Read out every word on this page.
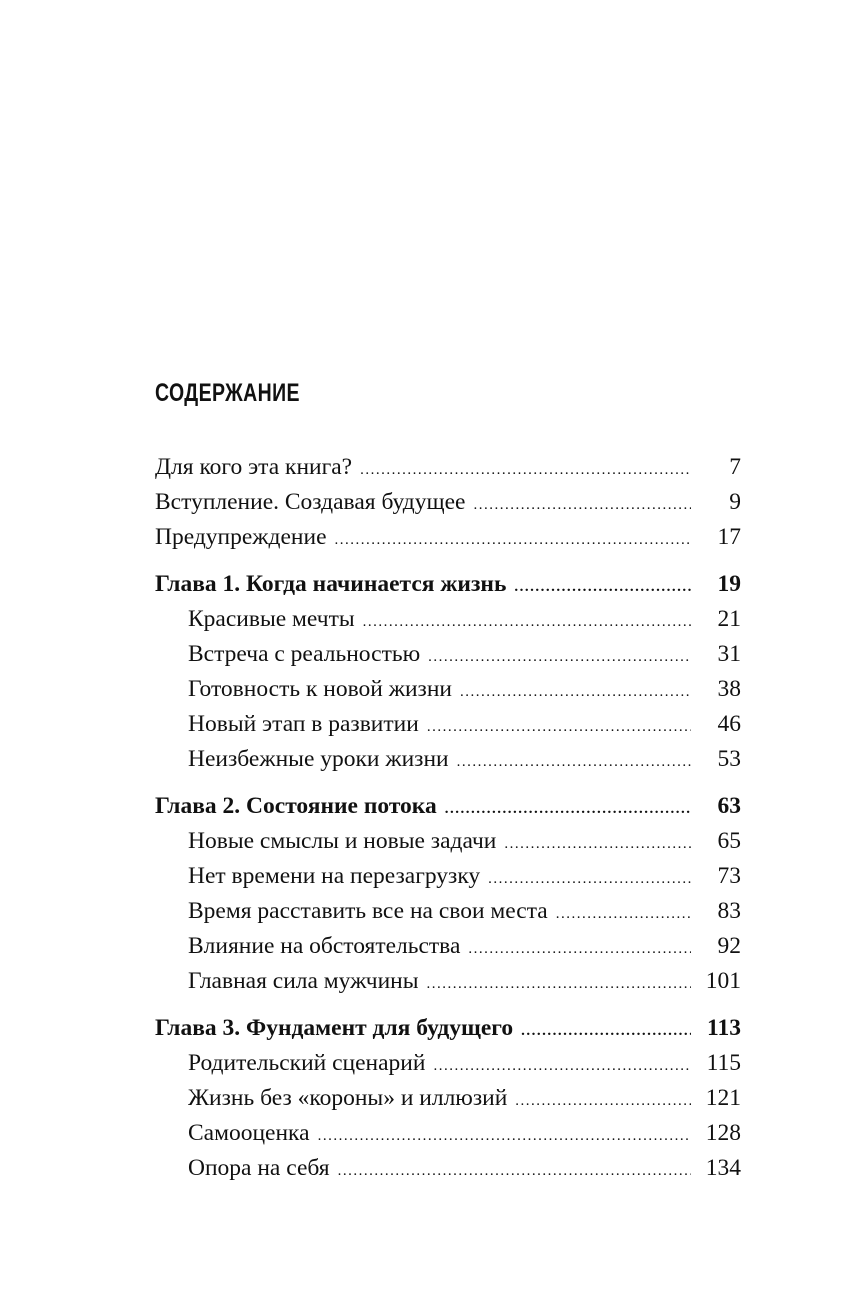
СОДЕРЖАНИЕ
Для кого эта книга? .....	7
Вступление. Создавая будущее .....	9
Предупреждение .....	17
Глава 1. Когда начинается жизнь .....	19
Красивые мечты .....	21
Встреча с реальностью .....	31
Готовность к новой жизни .....	38
Новый этап в развитии .....	46
Неизбежные уроки жизни .....	53
Глава 2. Состояние потока .....	63
Новые смыслы и новые задачи .....	65
Нет времени на перезагрузку .....	73
Время расставить все на свои места .....	83
Влияние на обстоятельства .....	92
Главная сила мужчины .....	101
Глава 3. Фундамент для будущего .....	113
Родительский сценарий .....	115
Жизнь без «короны» и иллюзий .....	121
Самооценка .....	128
Опора на себя .....	134
